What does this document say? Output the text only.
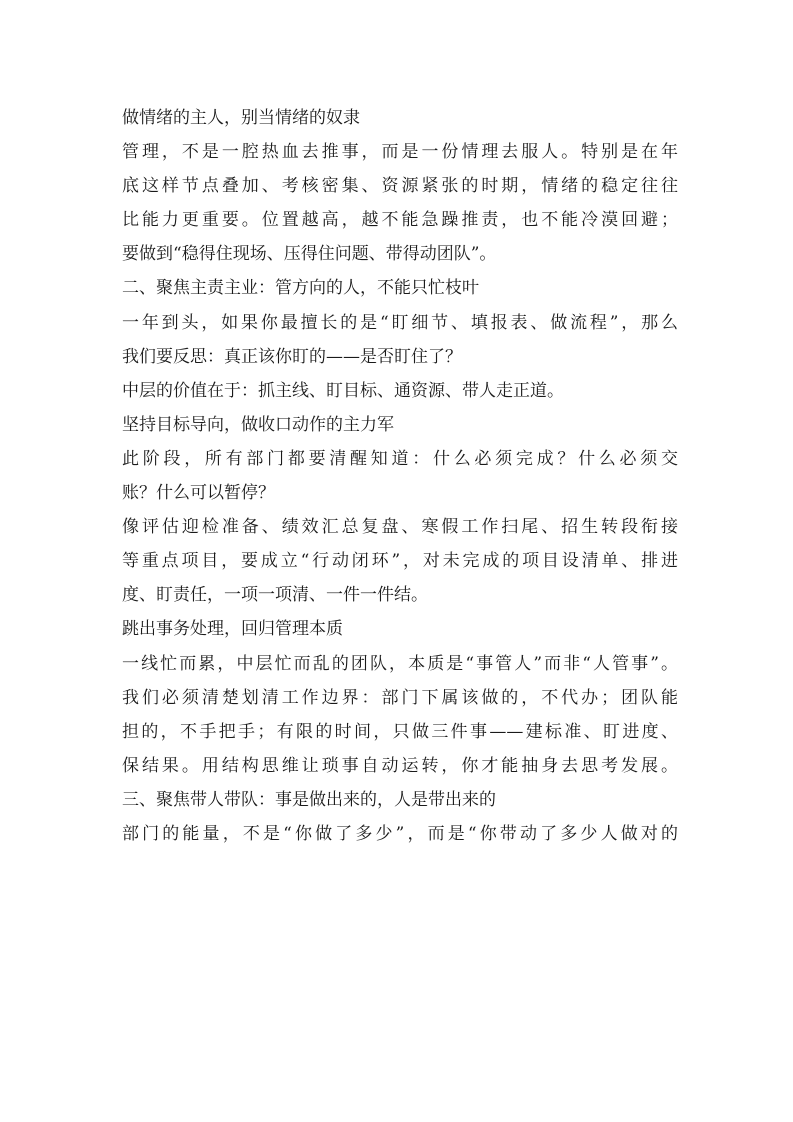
做情绪的主人，别当情绪的奴隶
管理，不是一腔热血去推事，而是一份情理去服人。特别是在年
底这样节点叠加、考核密集、资源紧张的时期，情绪的稳定往往
比能力更重要。位置越高，越不能急躁推责，也不能冷漠回避；
要做到“稳得住现场、压得住问题、带得动团队”。
二、聚焦主责主业：管方向的人，不能只忙枝叶
一年到头，如果你最擅长的是“盯细节、填报表、做流程”，那么
我们要反思：真正该你盯的——是否盯住了？
中层的价值在于：抓主线、盯目标、通资源、带人走正道。
坚持目标导向，做收口动作的主力军
此阶段，所有部门都要清醒知道：什么必须完成？什么必须交
账？什么可以暂停？
像评估迎检准备、绩效汇总复盘、寒假工作扫尾、招生转段衔接
等重点项目，要成立“行动闭环”，对未完成的项目设清单、排进
度、盯责任，一项一项清、一件一件结。
跳出事务处理，回归管理本质
一线忙而累，中层忙而乱的团队，本质是“事管人”而非“人管事”。
我们必须清楚划清工作边界：部门下属该做的，不代办；团队能
担的，不手把手；有限的时间，只做三件事——建标准、盯进度、
保结果。用结构思维让琐事自动运转，你才能抽身去思考发展。
三、聚焦带人带队：事是做出来的，人是带出来的
部门的能量，不是“你做了多少”，而是“你带动了多少人做对的
